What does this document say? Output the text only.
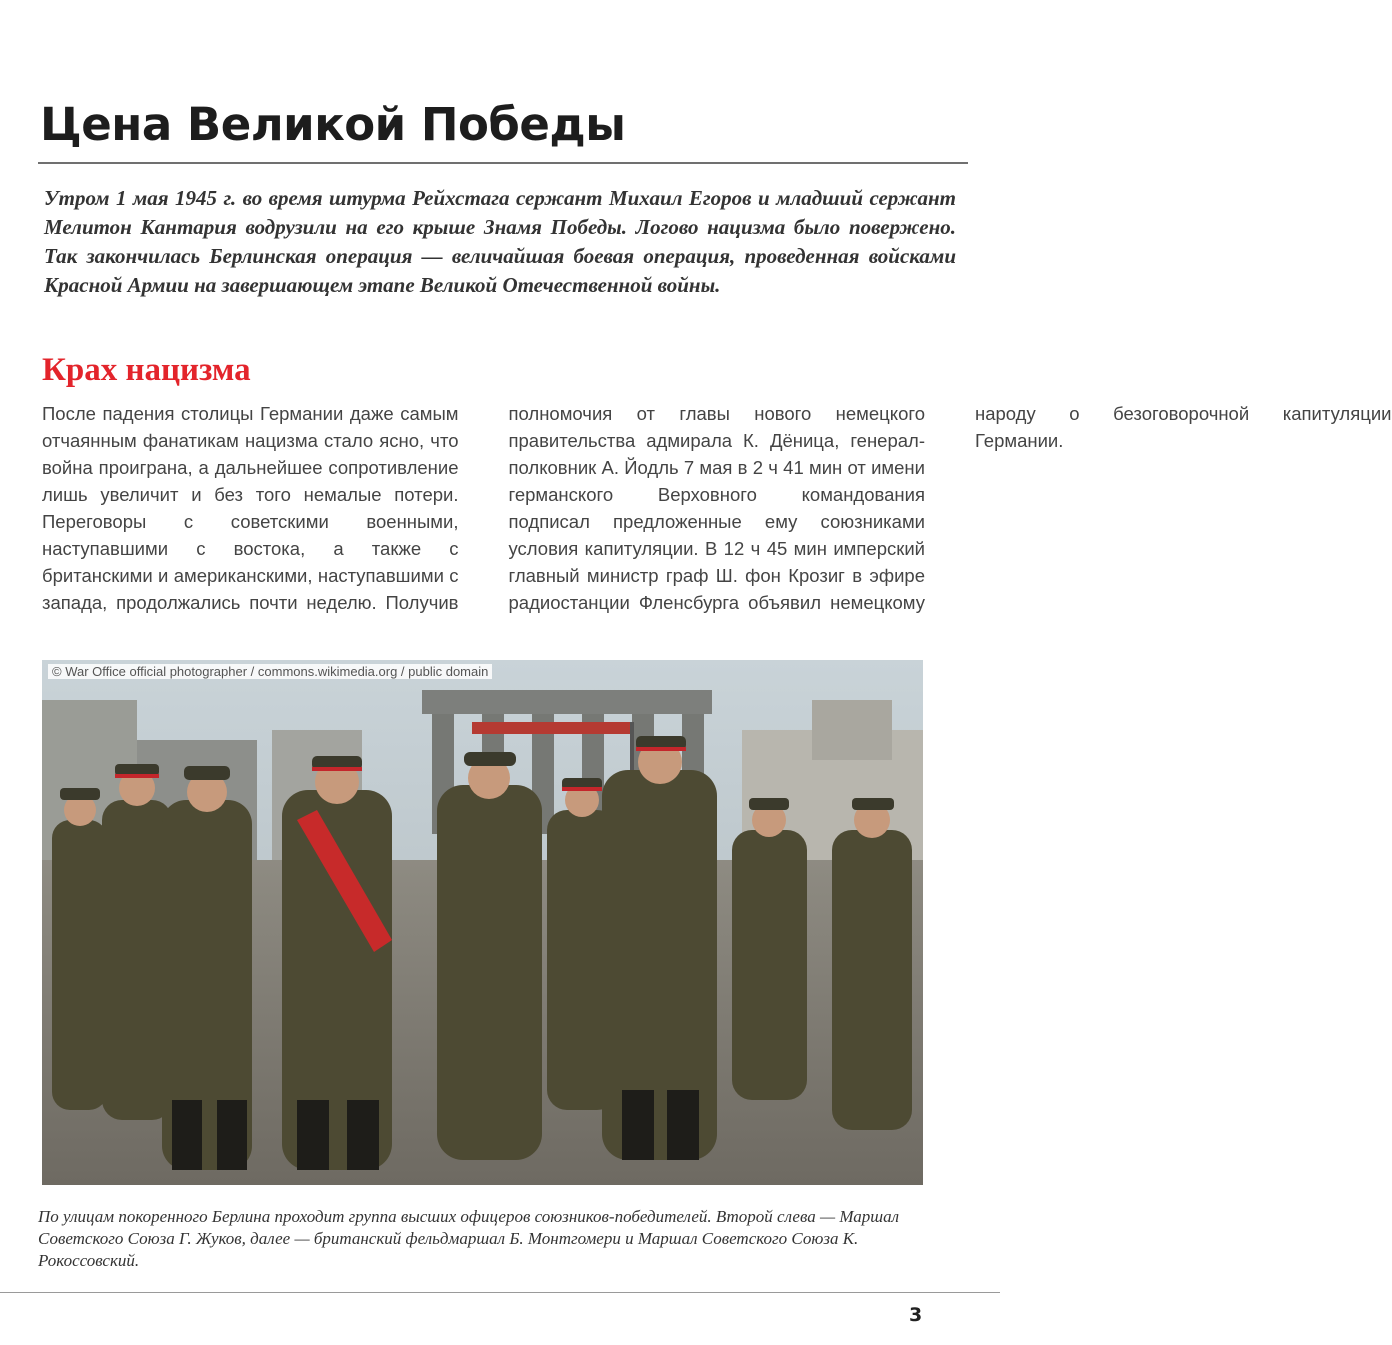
Цена Великой Победы

Утром 1 мая 1945 г. во время штурма Рейхстага сержант Михаил Егоров и младший сержант Мелитон Кантария водрузили на его крыше Знамя Победы. Логово нацизма было повержено. Так закончилась Берлинская операция — величайшая боевая операция, проведенная войсками Красной Армии на завершающем этапе Великой Отечественной войны.

Крах нацизма

После падения столицы Германии даже самым отчаянным фанатикам нацизма стало ясно, что война проиграна, а дальнейшее сопротивление лишь увеличит и без того немалые потери. Переговоры с советскими военными, наступавшими с востока, а также с британскими и американскими, наступавшими с запада, продолжались почти неделю. Получив полномочия от главы нового немецкого правительства адмирала К. Дёница, генерал-полковник А. Йодль 7 мая в 2 ч 41 мин от имени германского Верховного командования подписал предложенные ему союзниками условия капитуляции. В 12 ч 45 мин имперский главный министр граф Ш. фон Крозиг в эфире радиостанции Фленсбурга объявил немецкому народу о безоговорочной капитуляции Германии.

© War Office official photographer / commons.wikimedia.org / public domain

По улицам покоренного Берлина проходит группа высших офицеров союзников-победителей. Второй слева — Маршал Советского Союза Г. Жуков, далее — британский фельдмаршал Б. Монтгомери и Маршал Советского Союза К. Рокоссовский.

3
